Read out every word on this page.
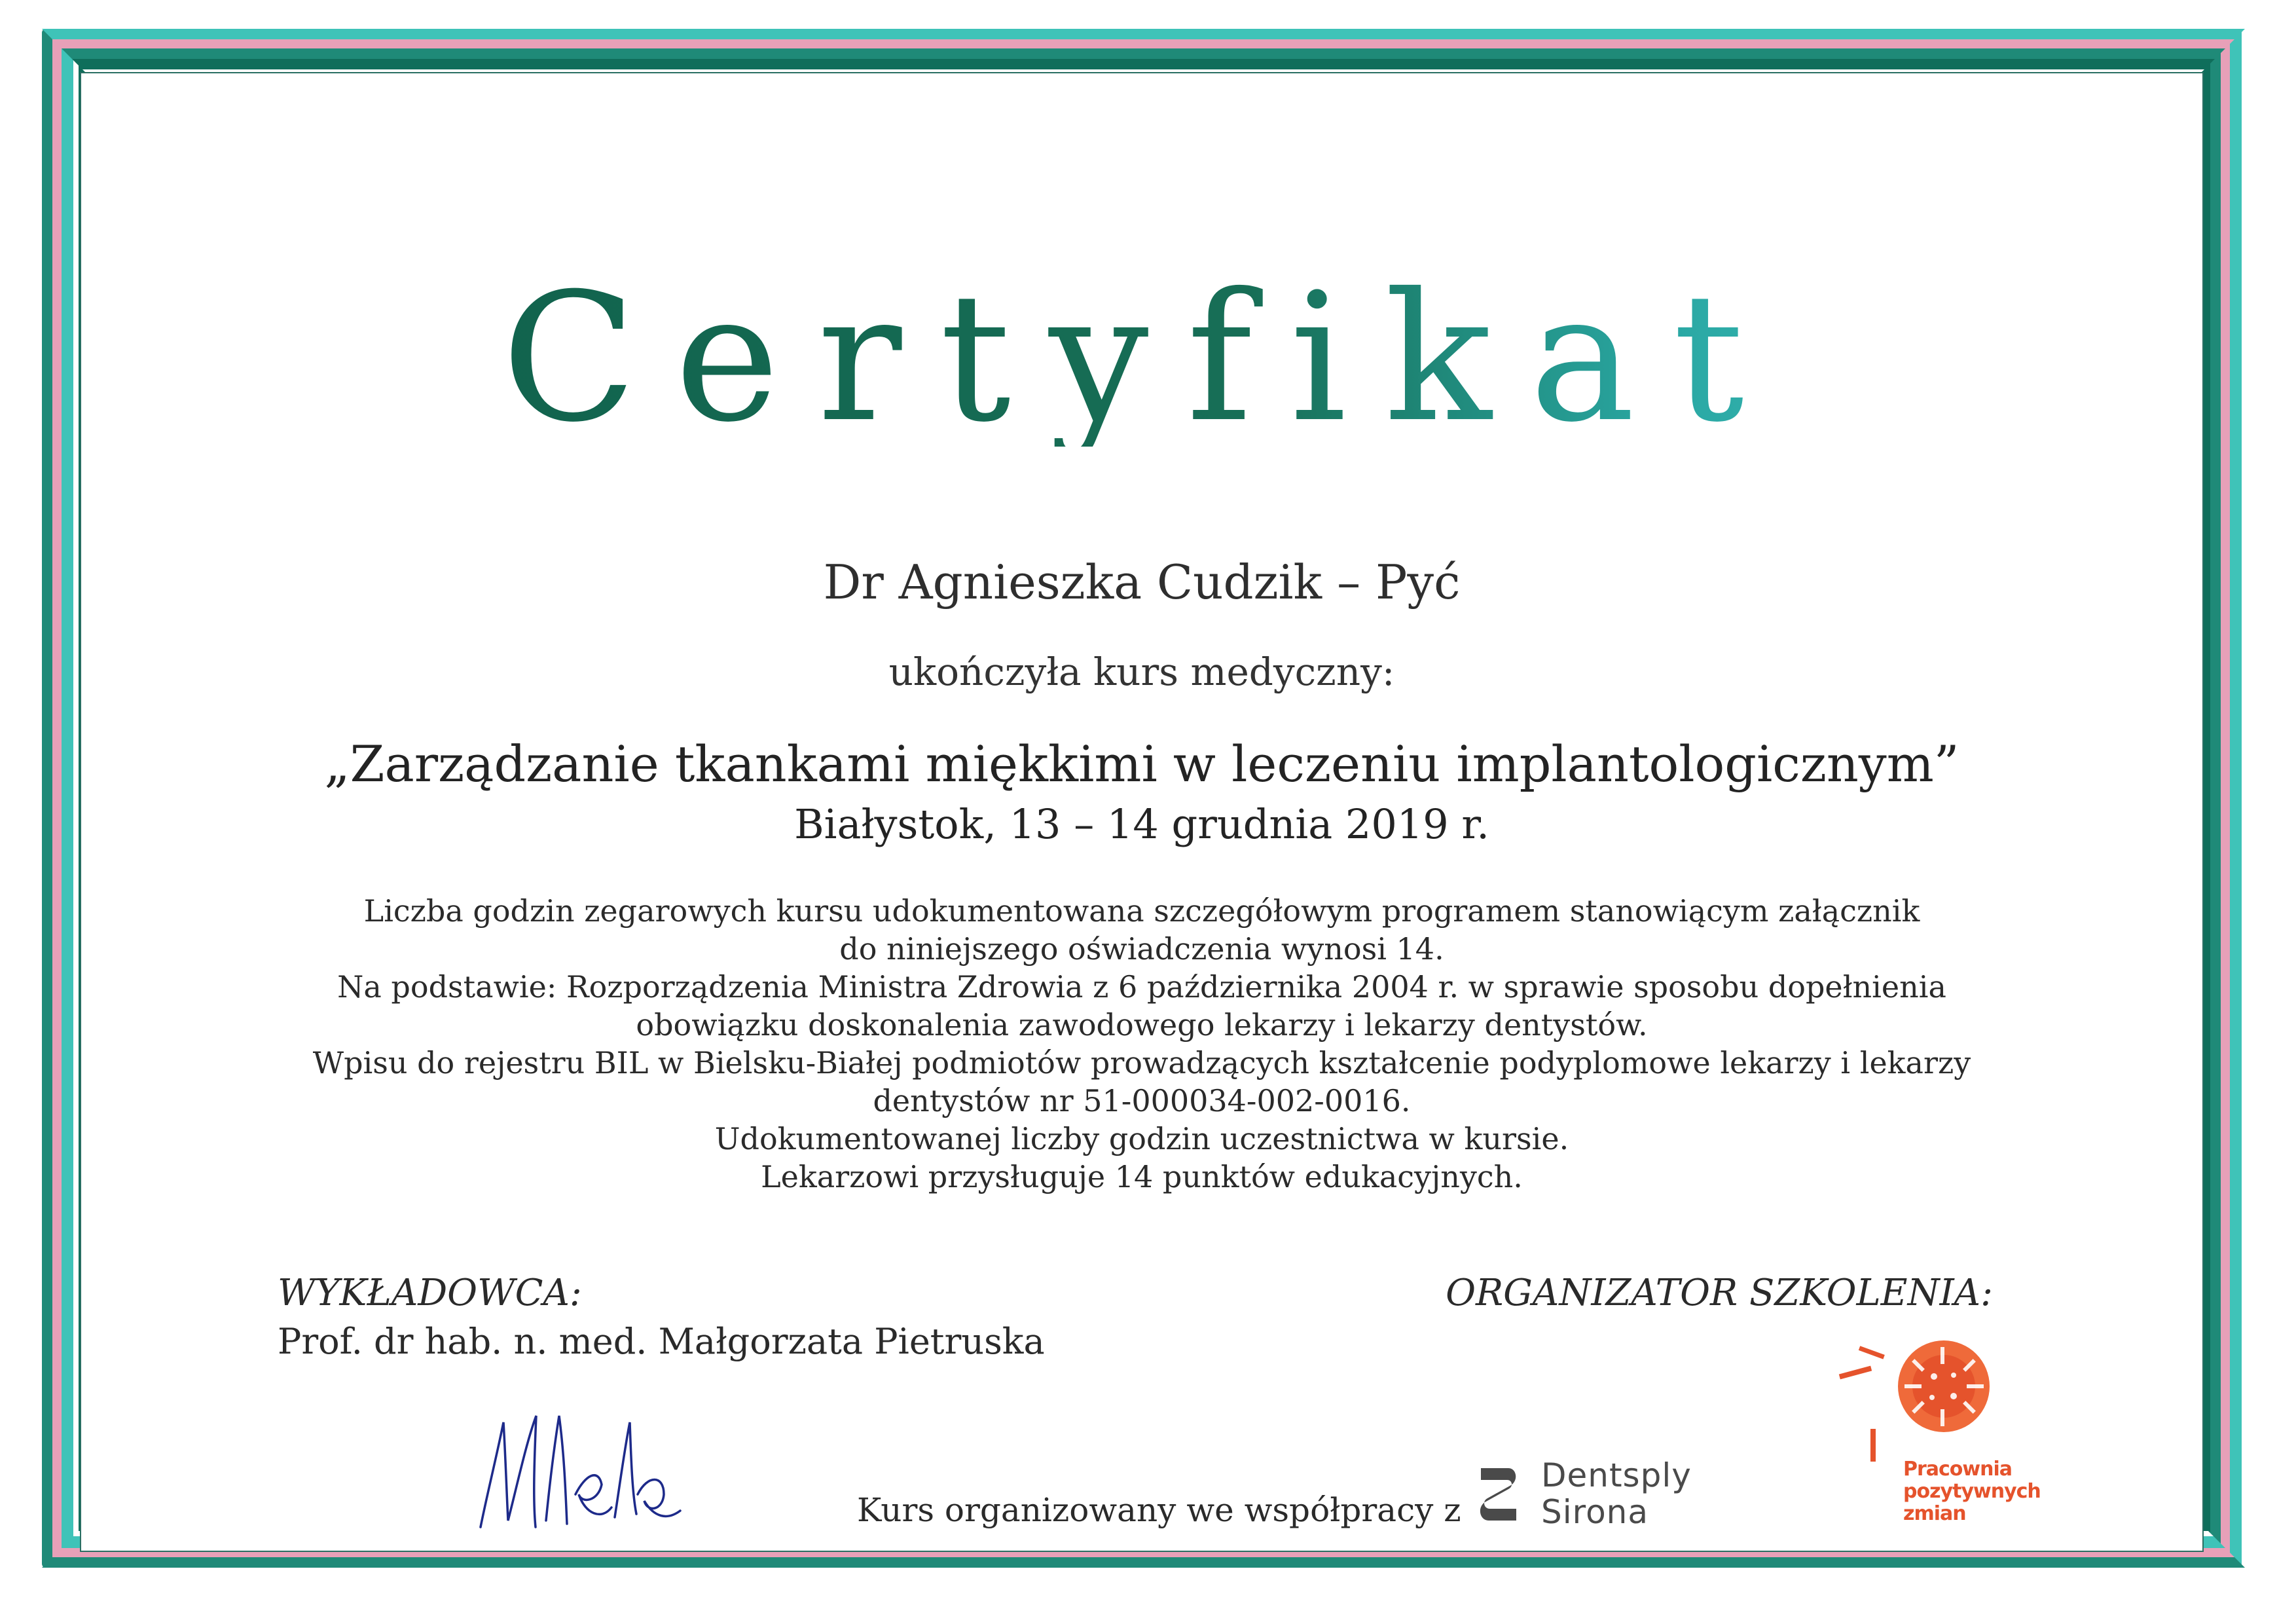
Certyfikat
Dr Agnieszka Cudzik – Pyć
ukończyła kurs medyczny:
„Zarządzanie tkankami miękkimi w leczeniu implantologicznym”
Białystok, 13 – 14 grudnia 2019 r.
Liczba godzin zegarowych kursu udokumentowana szczegółowym programem stanowiącym załącznik
do niniejszego oświadczenia wynosi 14.
Na podstawie: Rozporządzenia Ministra Zdrowia z 6 października 2004 r. w sprawie sposobu dopełnienia
obowiązku doskonalenia zawodowego lekarzy i lekarzy dentystów.
Wpisu do rejestru BIL w Bielsku-Białej podmiotów prowadzących kształcenie podyplomowe lekarzy i lekarzy
dentystów nr 51-000034-002-0016.
Udokumentowanej liczby godzin uczestnictwa w kursie.
Lekarzowi przysługuje 14 punktów edukacyjnych.
WYKŁADOWCA:
Prof. dr hab. n. med. Małgorzata Pietruska
ORGANIZATOR SZKOLENIA:
Kurs organizowany we współpracy z
Dentsply
Sirona
Pracownia
pozytywnych
zmian
